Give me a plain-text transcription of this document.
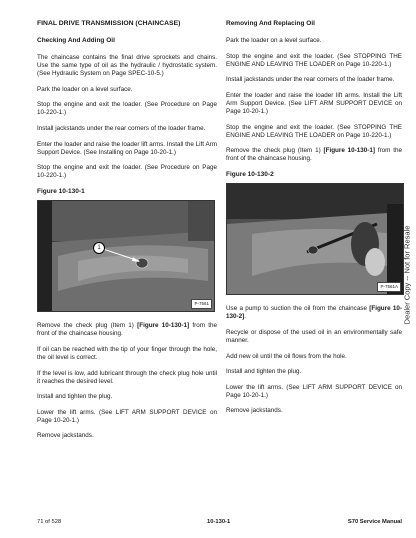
FINAL DRIVE TRANSMISSION (CHAINCASE)

Checking And Adding Oil

The chaincase contains the final drive sprockets and chains. Use the same type of oil as the hydraulic / hydrostatic system. (See Hydraulic System on Page SPEC-10-5.)

Park the loader on a level surface.

Stop the engine and exit the loader. (See Procedure on Page 10-220-1.)

Install jackstands under the rear corners of the loader frame.

Enter the loader and raise the loader lift arms. Install the Lift Arm Support Device. (See Installing on Page 10-20-1.)

Stop the engine and exit the loader. (See Procedure on Page 10-220-1.)

Figure 10-130-1

1
P-7561

Remove the check plug (Item 1) [Figure 10-130-1] from the front of the chaincase housing.

If oil can be reached with the tip of your finger through the hole, the oil level is correct.

If the level is low, add lubricant through the check plug hole until it reaches the desired level.

Install and tighten the plug.

Lower the lift arms. (See LIFT ARM SUPPORT DEVICE on Page 10-20-1.)

Remove jackstands.

Removing And Replacing Oil

Park the loader on a level surface.

Stop the engine and exit the loader. (See STOPPING THE ENGINE AND LEAVING THE LOADER on Page 10-220-1.)

Install jackstands under the rear corners of the loader frame.

Enter the loader and raise the loader lift arms. Install the Lift Arm Support Device. (See LIFT ARM SUPPORT DEVICE on Page 10-20-1.)

Stop the engine and exit the loader. (See STOPPING THE ENGINE AND LEAVING THE LOADER on Page 10-220-1.)

Remove the check plug (Item 1) [Figure 10-130-1] from the front of the chaincase housing.

Figure 10-130-2

P-7561A

Use a pump to suction the oil from the chaincase [Figure 10-130-2].

Recycle or dispose of the used oil in an environmentally safe manner.

Add new oil until the oil flows from the hole.

Install and tighten the plug.

Lower the lift arms. (See LIFT ARM SUPPORT DEVICE on Page 10-20-1.)

Remove jackstands.

Dealer Copy -- Not for Resale
71 of 528	10-130-1	S70 Service Manual
